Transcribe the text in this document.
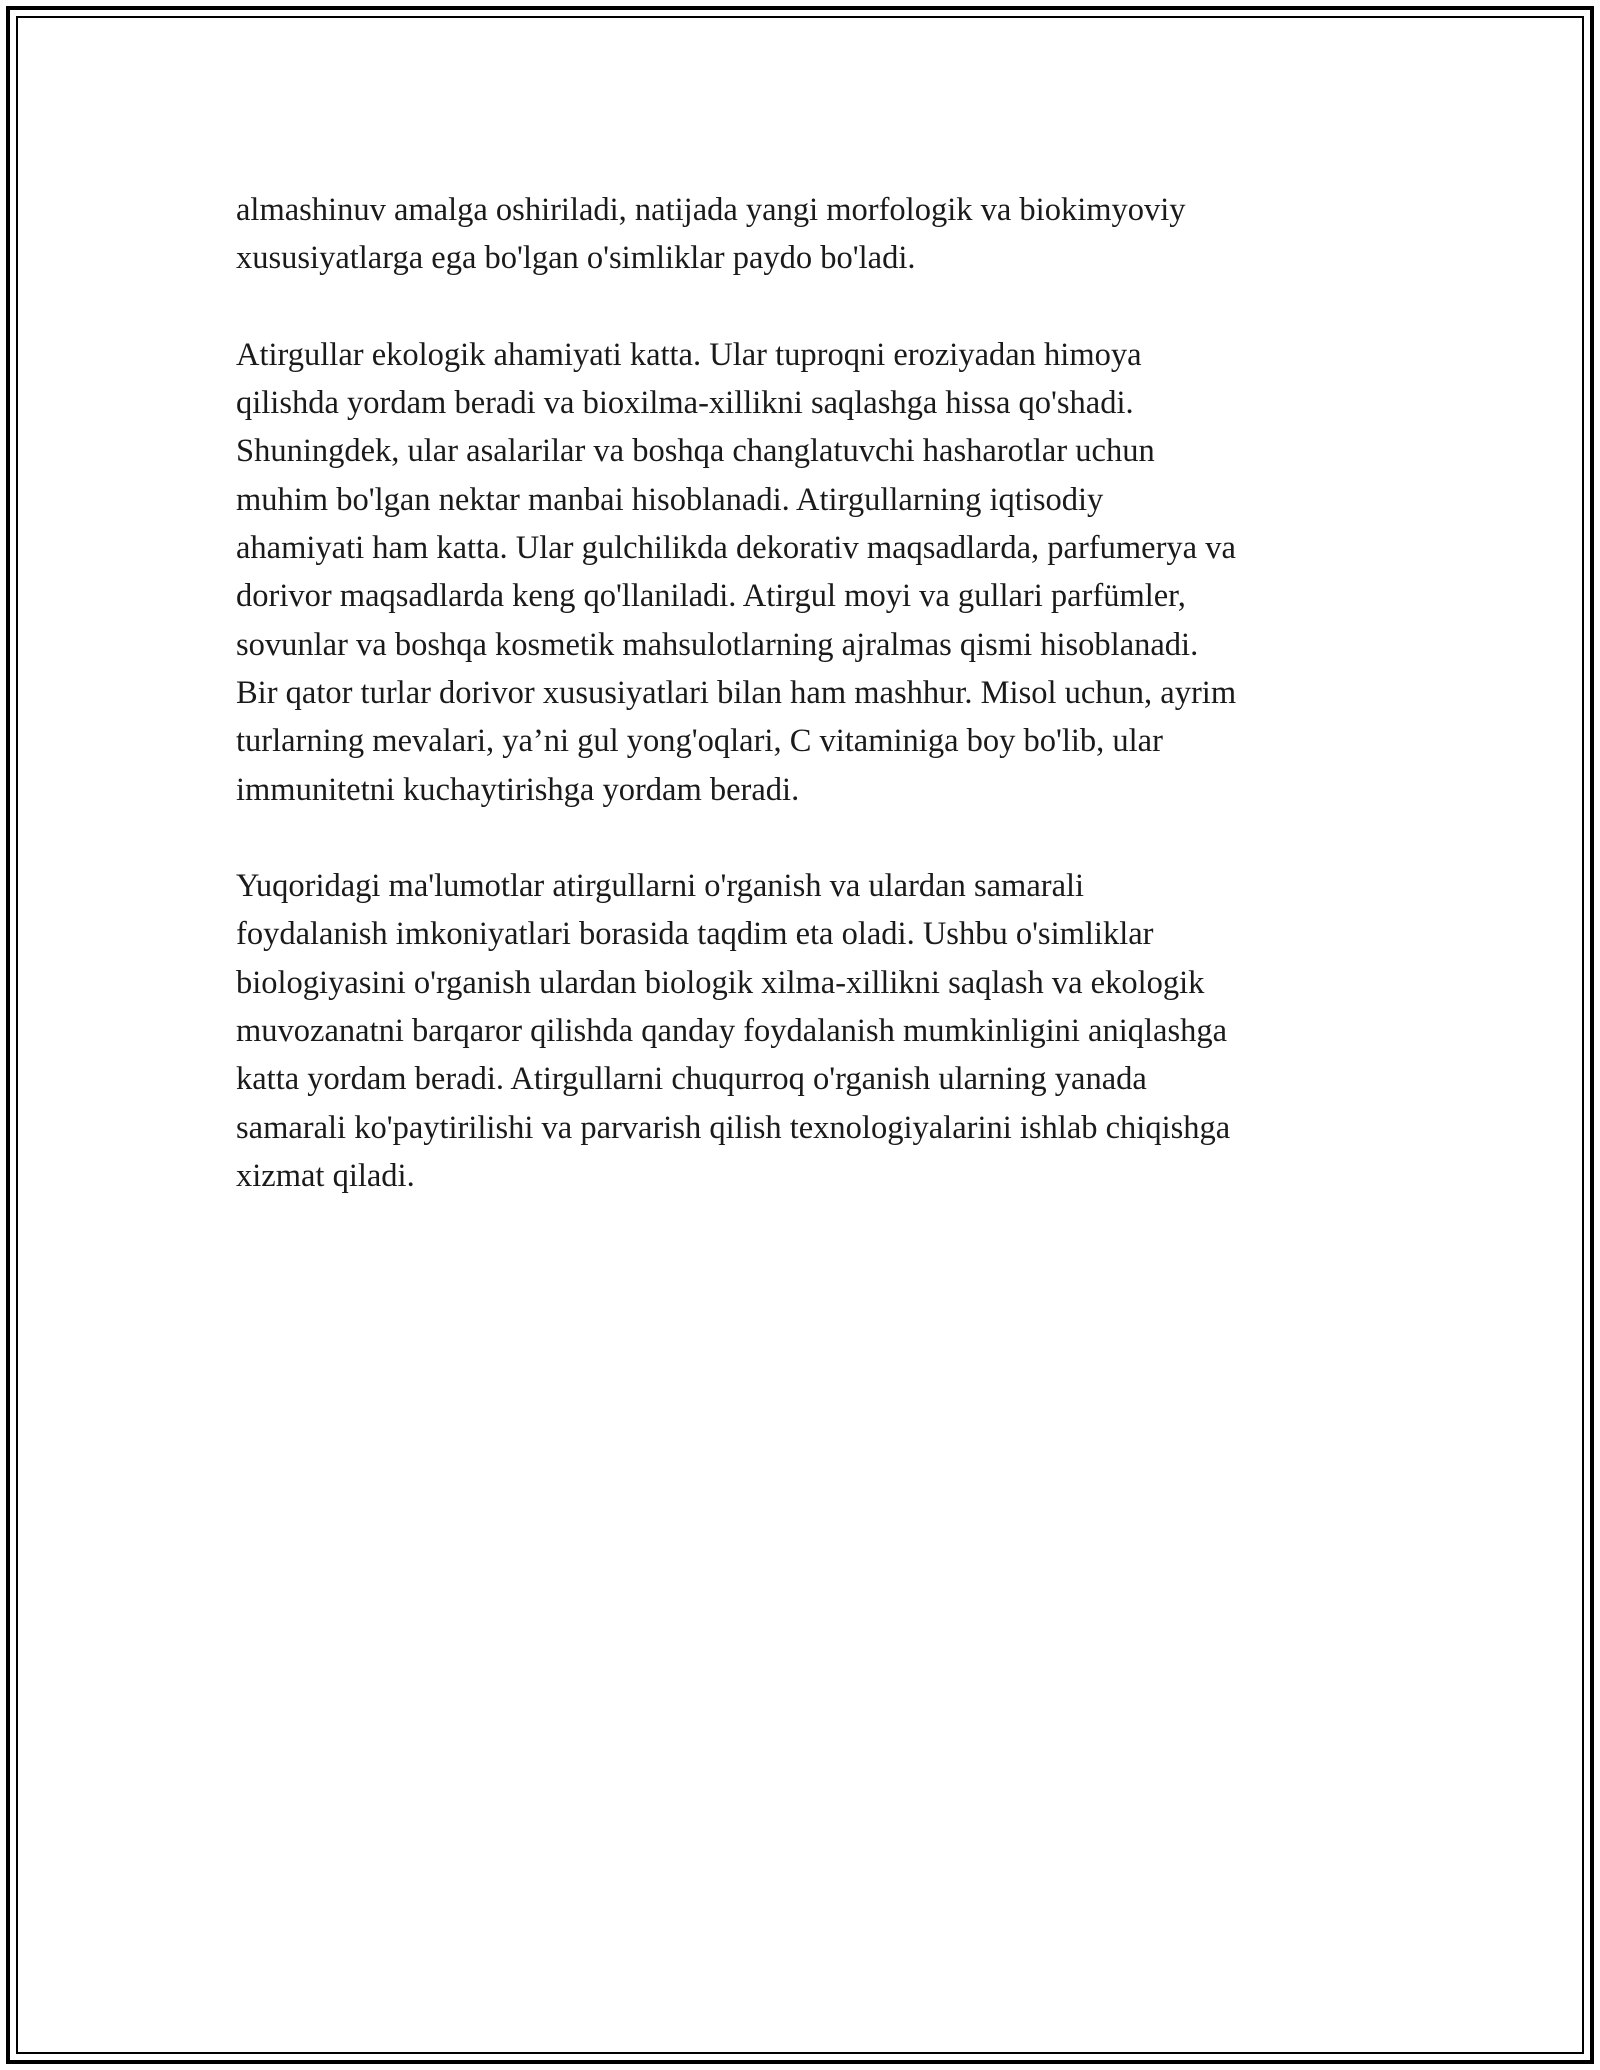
almashinuv amalga oshiriladi, natijada yangi morfologik va biokimyoviy
xususiyatlarga ega bo'lgan o'simliklar paydo bo'ladi.

Atirgullar ekologik ahamiyati katta. Ular tuproqni eroziyadan himoya
qilishda yordam beradi va bioxilma-xillikni saqlashga hissa qo'shadi.
Shuningdek, ular asalarilar va boshqa changlatuvchi hasharotlar uchun
muhim bo'lgan nektar manbai hisoblanadi. Atirgullarning iqtisodiy
ahamiyati ham katta. Ular gulchilikda dekorativ maqsadlarda, parfumerya va
dorivor maqsadlarda keng qo'llaniladi. Atirgul moyi va gullari parfümler,
sovunlar va boshqa kosmetik mahsulotlarning ajralmas qismi hisoblanadi.
Bir qator turlar dorivor xususiyatlari bilan ham mashhur. Misol uchun, ayrim
turlarning mevalari, ya’ni gul yong'oqlari, C vitaminiga boy bo'lib, ular
immunitetni kuchaytirishga yordam beradi.

Yuqoridagi ma'lumotlar atirgullarni o'rganish va ulardan samarali
foydalanish imkoniyatlari borasida taqdim eta oladi. Ushbu o'simliklar
biologiyasini o'rganish ulardan biologik xilma-xillikni saqlash va ekologik
muvozanatni barqaror qilishda qanday foydalanish mumkinligini aniqlashga
katta yordam beradi. Atirgullarni chuqurroq o'rganish ularning yanada
samarali ko'paytirilishi va parvarish qilish texnologiyalarini ishlab chiqishga
xizmat qiladi.
